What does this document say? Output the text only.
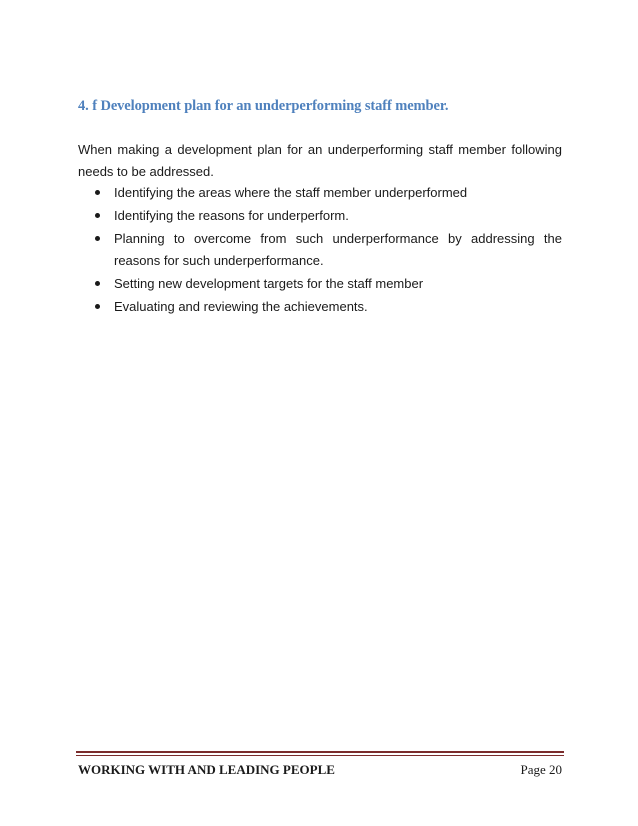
4. f Development plan for an underperforming staff member.
When making a development plan for an underperforming staff member following needs to be addressed.
Identifying the areas where the staff member underperformed
Identifying the reasons for underperform.
Planning to overcome from such underperformance by addressing the reasons for such underperformance.
Setting new development targets for the staff member
Evaluating and reviewing the achievements.
WORKING WITH AND LEADING PEOPLE	Page 20
